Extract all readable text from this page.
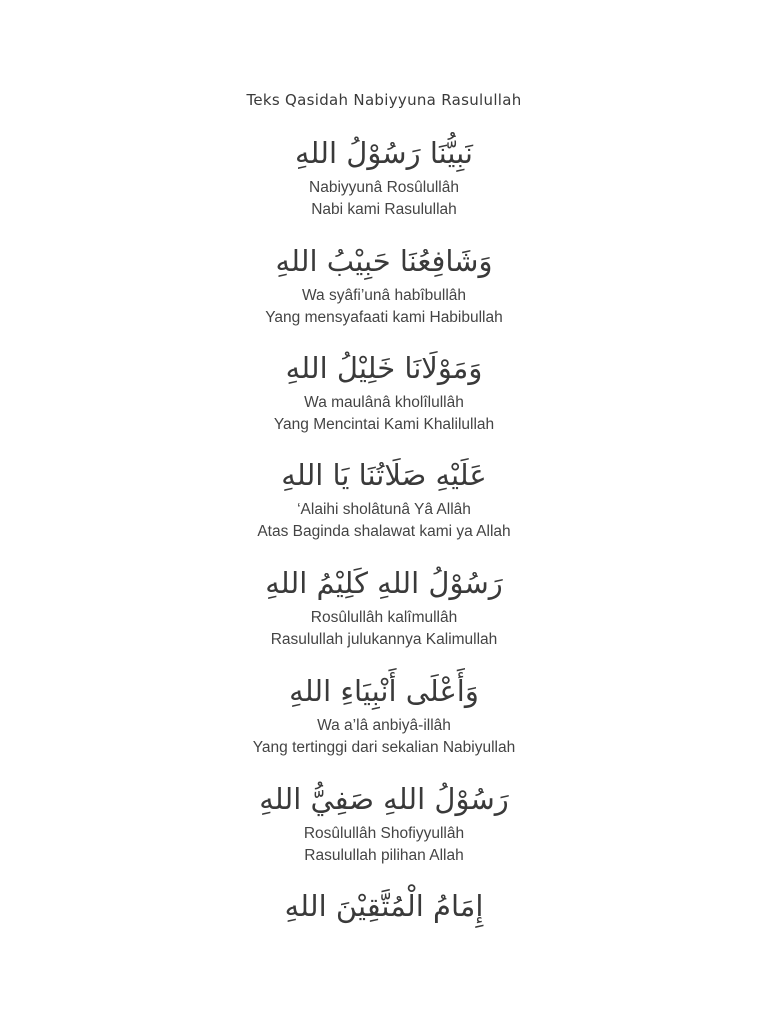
Teks Qasidah Nabiyyuna Rasulullah
نَبِيُّنَا رَسُوْلُ اللهِ
Nabiyyunâ Rosûlullâh
Nabi kami Rasulullah
وَشَافِعُنَا حَبِيْبُ اللهِ
Wa syâfi’unâ habîbullâh
Yang mensyafaati kami Habibullah
وَمَوْلَانَا خَلِيْلُ اللهِ
Wa maulânâ kholîlullâh
Yang Mencintai Kami Khalilullah
عَلَيْهِ صَلَاتُنَا يَا اللهِ
‘Alaihi sholâtunâ Yâ Allâh
Atas Baginda shalawat kami ya Allah
رَسُوْلُ اللهِ كَلِيْمُ اللهِ
Rosûlullâh kalîmullâh
Rasulullah julukannya Kalimullah
وَأَعْلَى أَنْبِيَاءِ اللهِ
Wa a’lâ anbiyâ-illâh
Yang tertinggi dari sekalian Nabiyullah
رَسُوْلُ اللهِ صَفِيُّ اللهِ
Rosûlullâh Shofiyyullâh
Rasulullah pilihan Allah
إِمَامُ الْمُتَّقِيْنَ اللهِ
